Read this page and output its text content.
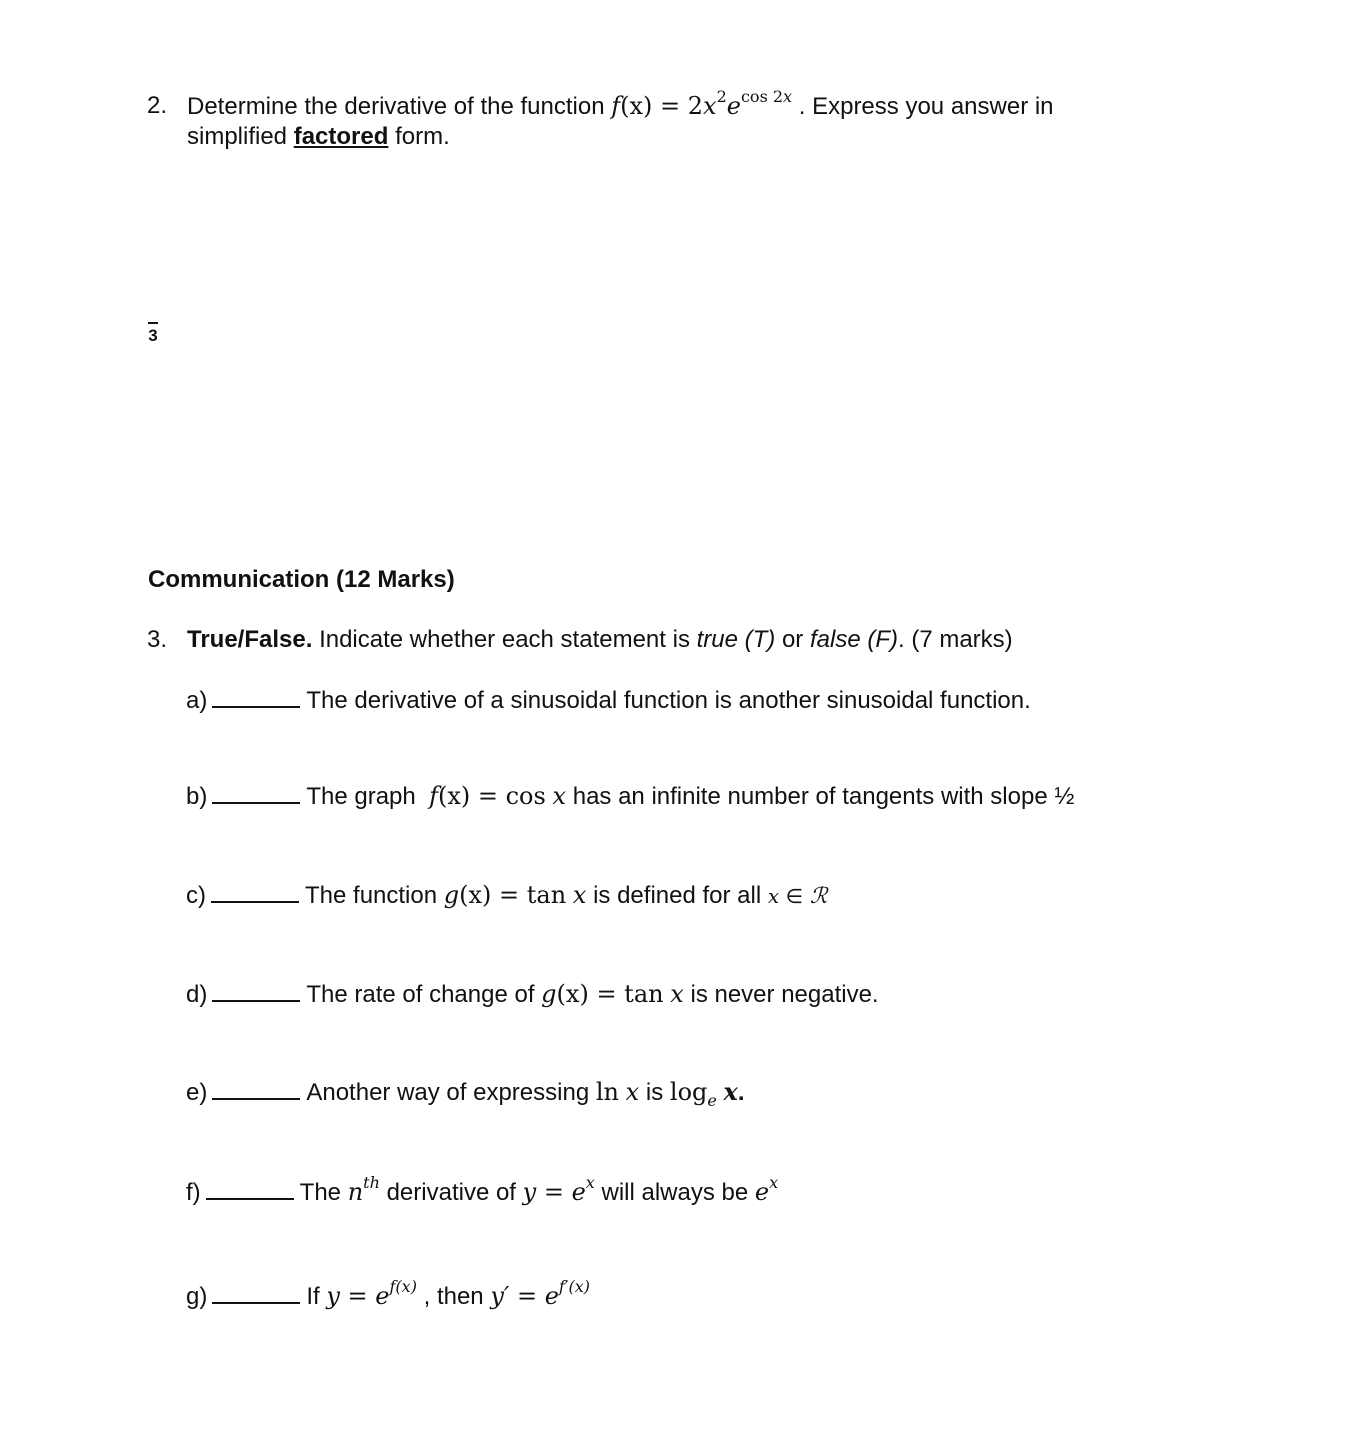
2. Determine the derivative of the function $f(x) = 2x^2e^{cos 2x}$ . Express you answer in
simplified factored form.
3
Communication (12 Marks)
3. True/False. Indicate whether each statement is true (T) or false (F). (7 marks)
a)	The derivative of a sinusoidal function is another sinusoidal function.
b)	The graph f(x) = cos x has an infinite number of tangents with slope ½
c)	The function g(x) = tan x is defined for all x ∈ ℛ
d)	The rate of change of g(x) = tan x is never negative.
e)	Another way of expressing ln x is $\log_e x$.
f)	The $n^{th}$ derivative of $y = e^x$ will always be $e^x$
g)	If $y = e^{f(x)}$ , then $y' = e^{f'(x)}$
